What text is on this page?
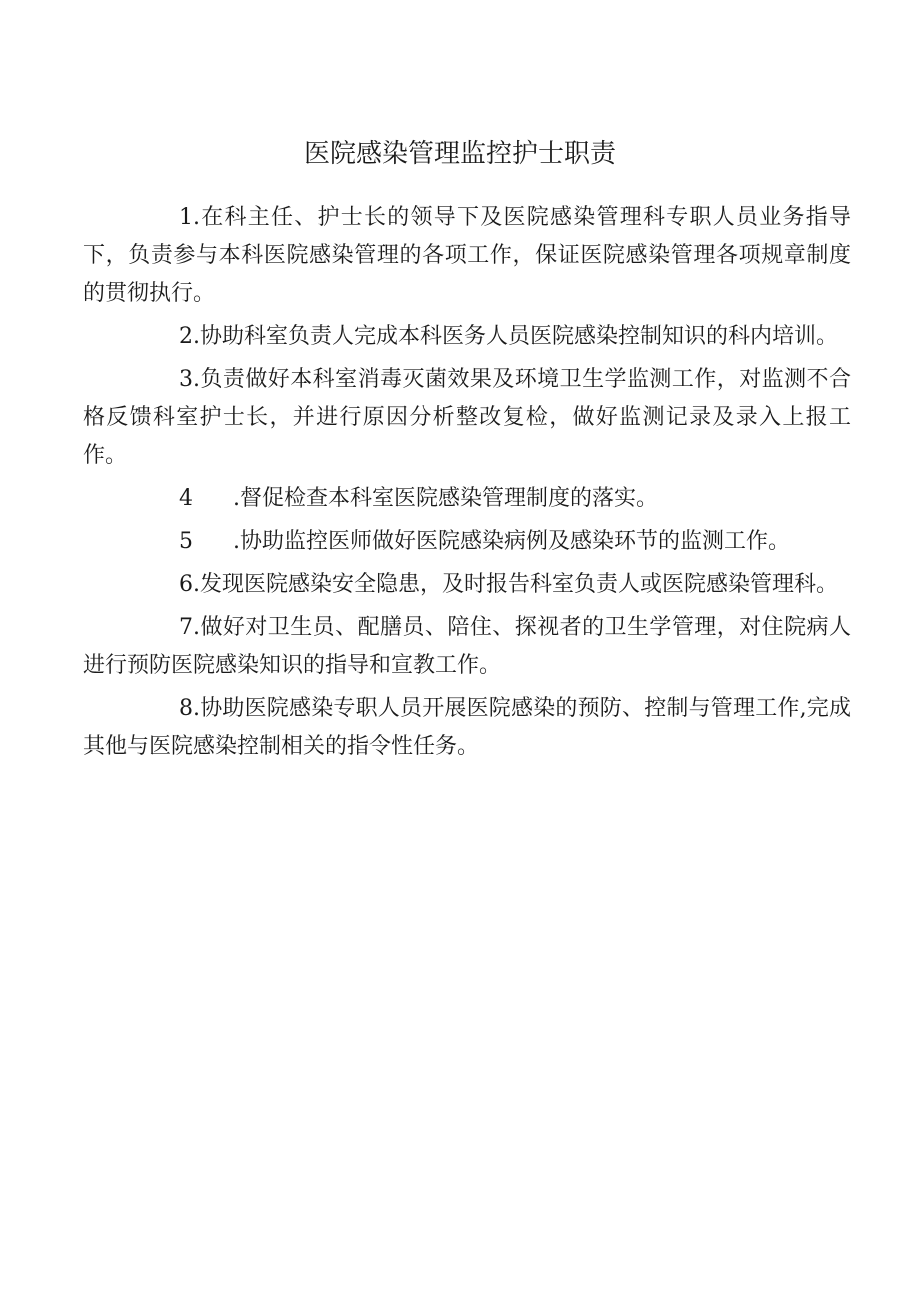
医院感染管理监控护士职责

1.在科主任、护士长的领导下及医院感染管理科专职人员业务指导下，负责参与本科医院感染管理的各项工作，保证医院感染管理各项规章制度的贯彻执行。

2.协助科室负责人完成本科医务人员医院感染控制知识的科内培训。

3.负责做好本科室消毒灭菌效果及环境卫生学监测工作，对监测不合格反馈科室护士长，并进行原因分析整改复检，做好监测记录及录入上报工作。

4 .督促检查本科室医院感染管理制度的落实。

5 .协助监控医师做好医院感染病例及感染环节的监测工作。

6.发现医院感染安全隐患，及时报告科室负责人或医院感染管理科。

7.做好对卫生员、配膳员、陪住、探视者的卫生学管理，对住院病人进行预防医院感染知识的指导和宣教工作。

8.协助医院感染专职人员开展医院感染的预防、控制与管理工作,完成其他与医院感染控制相关的指令性任务。
